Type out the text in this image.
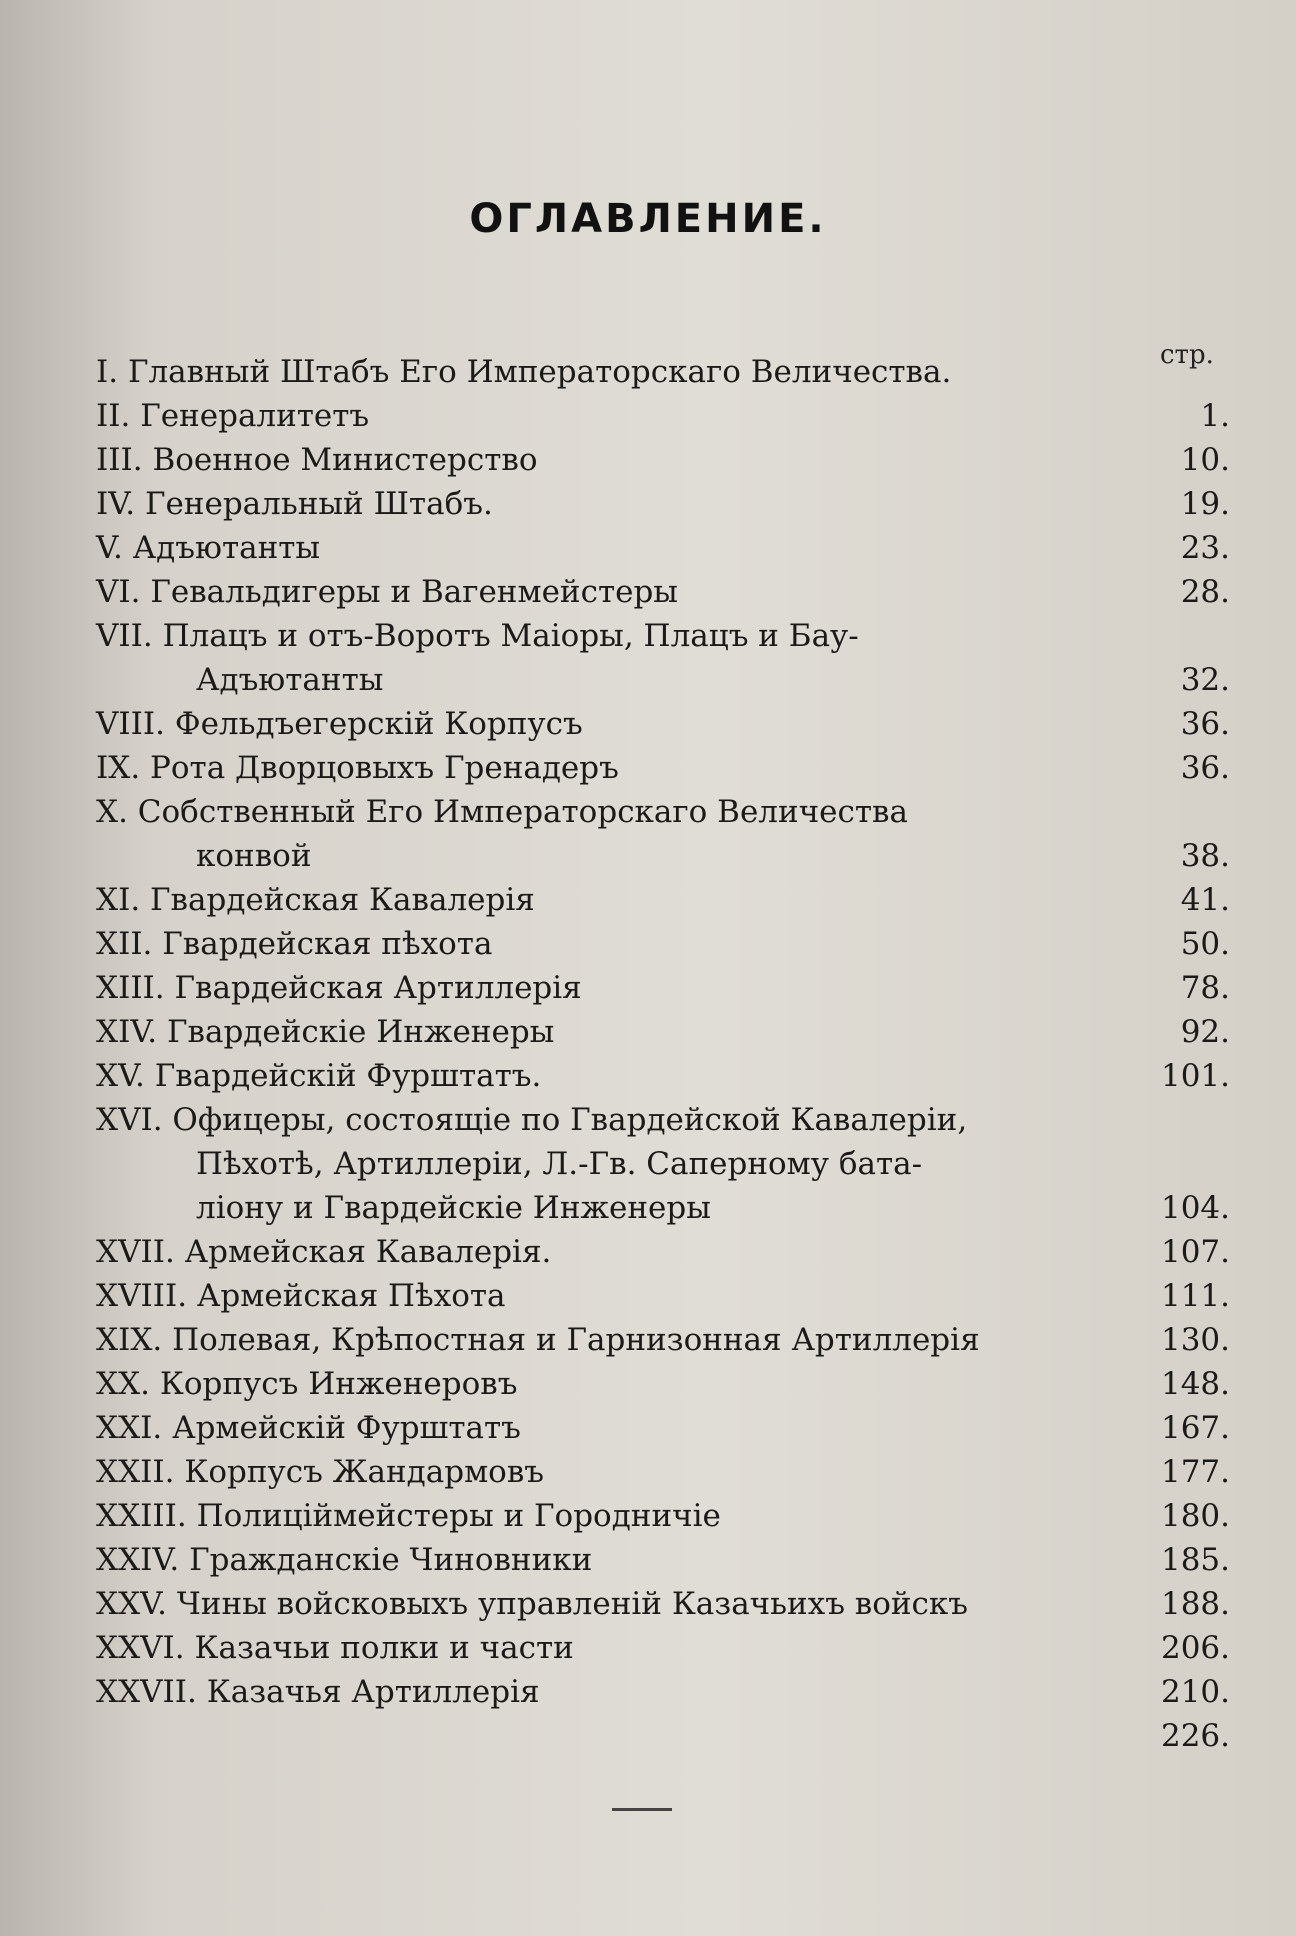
ОГЛАВЛЕНИЕ.
стр.
I. Главный Штабъ Его Императорскаго Величества.
II. Генералитетъ	1.
III. Военное Министерство	10.
IV. Генеральный Штабъ.	19.
V. Адъютанты	23.
VI. Гевальдигеры и Вагенмейстеры	28.
VII. Плацъ и отъ-Воротъ Маіоры, Плацъ и Бау-
Адъютанты	32.
VIII. Фельдъегерскій Корпусъ	36.
IX. Рота Дворцовыхъ Гренадеръ	36.
X. Собственный Его Императорскаго Величества
конвой	38.
XI. Гвардейская Кавалерія	41.
XII. Гвардейская пѣхота	50.
XIII. Гвардейская Артиллерія	78.
XIV. Гвардейскіе Инженеры	92.
XV. Гвардейскій Фурштатъ.	101.
XVI. Офицеры, состоящіе по Гвардейской Кавалеріи,
Пѣхотѣ, Артиллеріи, Л.-Гв. Саперному бата-
ліону и Гвардейскіе Инженеры	104.
XVII. Армейская Кавалерія.	107.
XVIII. Армейская Пѣхота	111.
XIX. Полевая, Крѣпостная и Гарнизонная Артиллерія	130.
XX. Корпусъ Инженеровъ	148.
XXI. Армейскій Фурштатъ	167.
XXII. Корпусъ Жандармовъ	177.
XXIII. Полиціймейстеры и Городничіе	180.
XXIV. Гражданскіе Чиновники	185.
XXV. Чины войсковыхъ управленій Казачьихъ войскъ	188.
XXVI. Казачьи полки и части	206.
XXVII. Казачья Артиллерія	210.
226.
